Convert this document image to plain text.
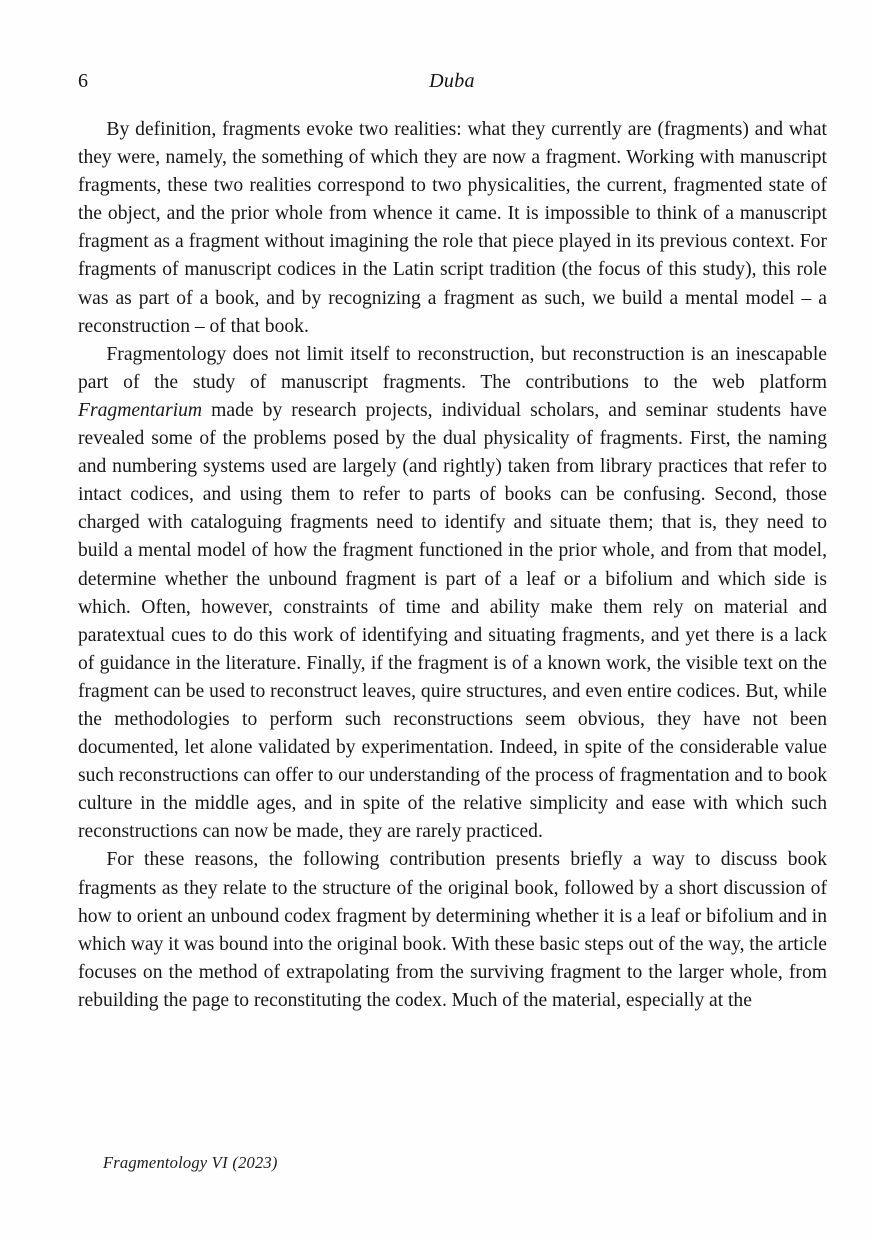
6	Duba

By definition, fragments evoke two realities: what they currently are (fragments) and what they were, namely, the something of which they are now a fragment. Working with manuscript fragments, these two realities correspond to two physicalities, the current, fragmented state of the object, and the prior whole from whence it came. It is impossible to think of a manuscript fragment as a fragment without imagining the role that piece played in its previous context. For fragments of manuscript codices in the Latin script tradition (the focus of this study), this role was as part of a book, and by recognizing a fragment as such, we build a mental model – a reconstruction – of that book.

Fragmentology does not limit itself to reconstruction, but reconstruction is an inescapable part of the study of manuscript fragments. The contributions to the web platform Fragmentarium made by research projects, individual scholars, and seminar students have revealed some of the problems posed by the dual physicality of fragments. First, the naming and numbering systems used are largely (and rightly) taken from library practices that refer to intact codices, and using them to refer to parts of books can be confusing. Second, those charged with cataloguing fragments need to identify and situate them; that is, they need to build a mental model of how the fragment functioned in the prior whole, and from that model, determine whether the unbound fragment is part of a leaf or a bifolium and which side is which. Often, however, constraints of time and ability make them rely on material and paratextual cues to do this work of identifying and situating fragments, and yet there is a lack of guidance in the literature. Finally, if the fragment is of a known work, the visible text on the fragment can be used to reconstruct leaves, quire structures, and even entire codices. But, while the methodologies to perform such reconstructions seem obvious, they have not been documented, let alone validated by experimentation. Indeed, in spite of the considerable value such reconstructions can offer to our understanding of the process of fragmentation and to book culture in the middle ages, and in spite of the relative simplicity and ease with which such reconstructions can now be made, they are rarely practiced.

For these reasons, the following contribution presents briefly a way to discuss book fragments as they relate to the structure of the original book, followed by a short discussion of how to orient an unbound codex fragment by determining whether it is a leaf or bifolium and in which way it was bound into the original book. With these basic steps out of the way, the article focuses on the method of extrapolating from the surviving fragment to the larger whole, from rebuilding the page to reconstituting the codex. Much of the material, especially at the

Fragmentology VI (2023)
